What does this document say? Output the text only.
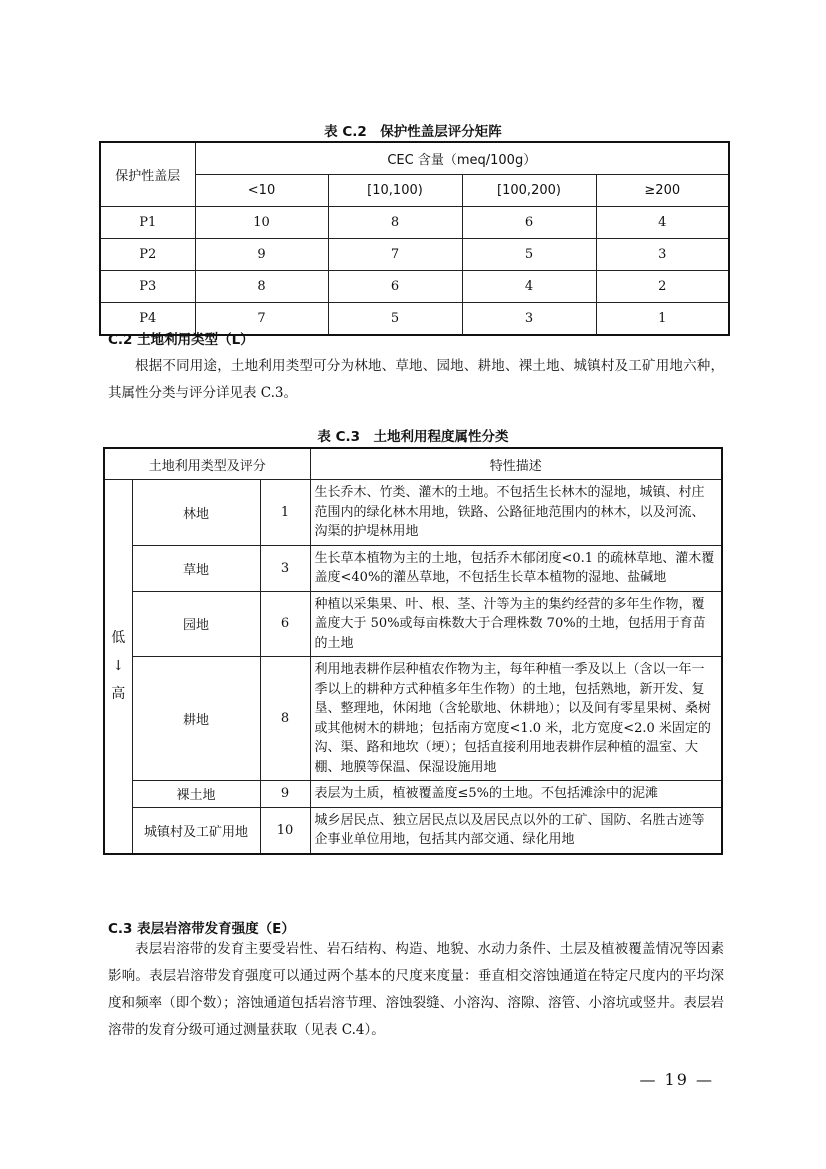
表 C.2　保护性盖层评分矩阵
保护性盖层	CEC 含量（meq/100g）			
	<10	[10,100)	[100,200)	≥200
P1	10	8	6	4
P2	9	7	5	3
P3	8	6	4	2
P4	7	5	3	1
C.2 土地利用类型（L）

根据不同用途，土地利用类型可分为林地、草地、园地、耕地、裸土地、城镇村及工矿用地六种，其属性分类与评分详见表 C.3。

表 C.3　土地利用程度属性分类
土地利用类型及评分			特性描述

低
↓
高	林地	1	生长乔木、竹类、灌木的土地。不包括生长林木的湿地，城镇、村庄范围内的绿化林木用地，铁路、公路征地范围内的林木，以及河流、沟渠的护堤林用地
	草地	3	生长草本植物为主的土地，包括乔木郁闭度<0.1 的疏林草地、灌木覆盖度<40%的灌丛草地，不包括生长草本植物的湿地、盐碱地
	园地	6	种植以采集果、叶、根、茎、汁等为主的集约经营的多年生作物，覆盖度大于 50%或每亩株数大于合理株数 70%的土地，包括用于育苗的土地
	耕地	8	利用地表耕作层种植农作物为主，每年种植一季及以上（含以一年一季以上的耕种方式种植多年生作物）的土地，包括熟地，新开发、复垦、整理地，休闲地（含轮歇地、休耕地）；以及间有零星果树、桑树或其他树木的耕地；包括南方宽度<1.0 米，北方宽度<2.0 米固定的沟、渠、路和地坎（埂）；包括直接利用地表耕作层种植的温室、大棚、地膜等保温、保湿设施用地
	裸土地	9	表层为土质，植被覆盖度≤5%的土地。不包括滩涂中的泥滩
	城镇村及工矿用地	10	城乡居民点、独立居民点以及居民点以外的工矿、国防、名胜古迹等企事业单位用地，包括其内部交通、绿化用地
C.3 表层岩溶带发育强度（E）

表层岩溶带的发育主要受岩性、岩石结构、构造、地貌、水动力条件、土层及植被覆盖情况等因素影响。表层岩溶带发育强度可以通过两个基本的尺度来度量：垂直相交溶蚀通道在特定尺度内的平均深度和频率（即个数）；溶蚀通道包括岩溶节理、溶蚀裂缝、小溶沟、溶隙、溶管、小溶坑或竖井。表层岩溶带的发育分级可通过测量获取（见表 C.4）。

— 19 —
